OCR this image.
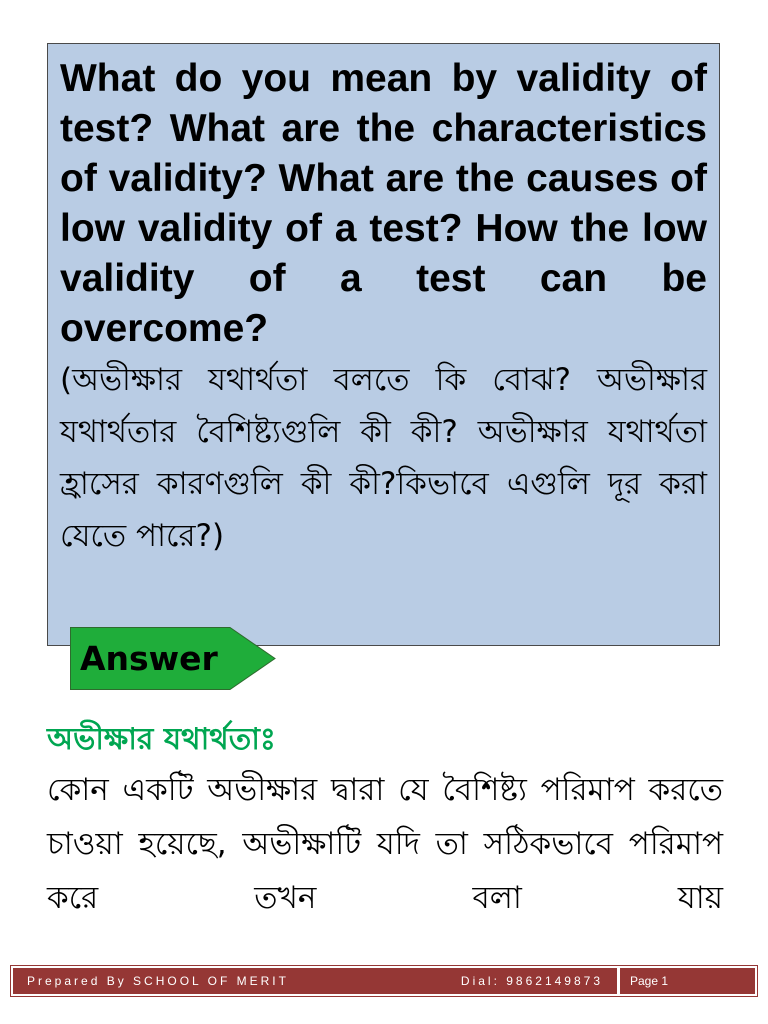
What do you mean by validity of test? What are the characteristics of validity? What are the causes of low validity of a test? How the low validity of a test can be overcome?

(অভীক্ষার যথার্থতা বলতে কি বোঝ? অভীক্ষার যথার্থতার বৈশিষ্ট্যগুলি কী কী? অভীক্ষার যথার্থতা হ্রাসের কারণগুলি কী কী?কিভাবে এগুলি দূর করা যেতে পারে?)

Answer
অভীক্ষার যথার্থতাঃ

কোন একটি অভীক্ষার দ্বারা যে বৈশিষ্ট্য পরিমাপ করতে চাওয়া হয়েছে, অভীক্ষাটি যদি তা সঠিকভাবে পরিমাপ করে তখন বলা যায়

Prepared By SCHOOL OF MERIT	Dial: 9862149873	Page 1
